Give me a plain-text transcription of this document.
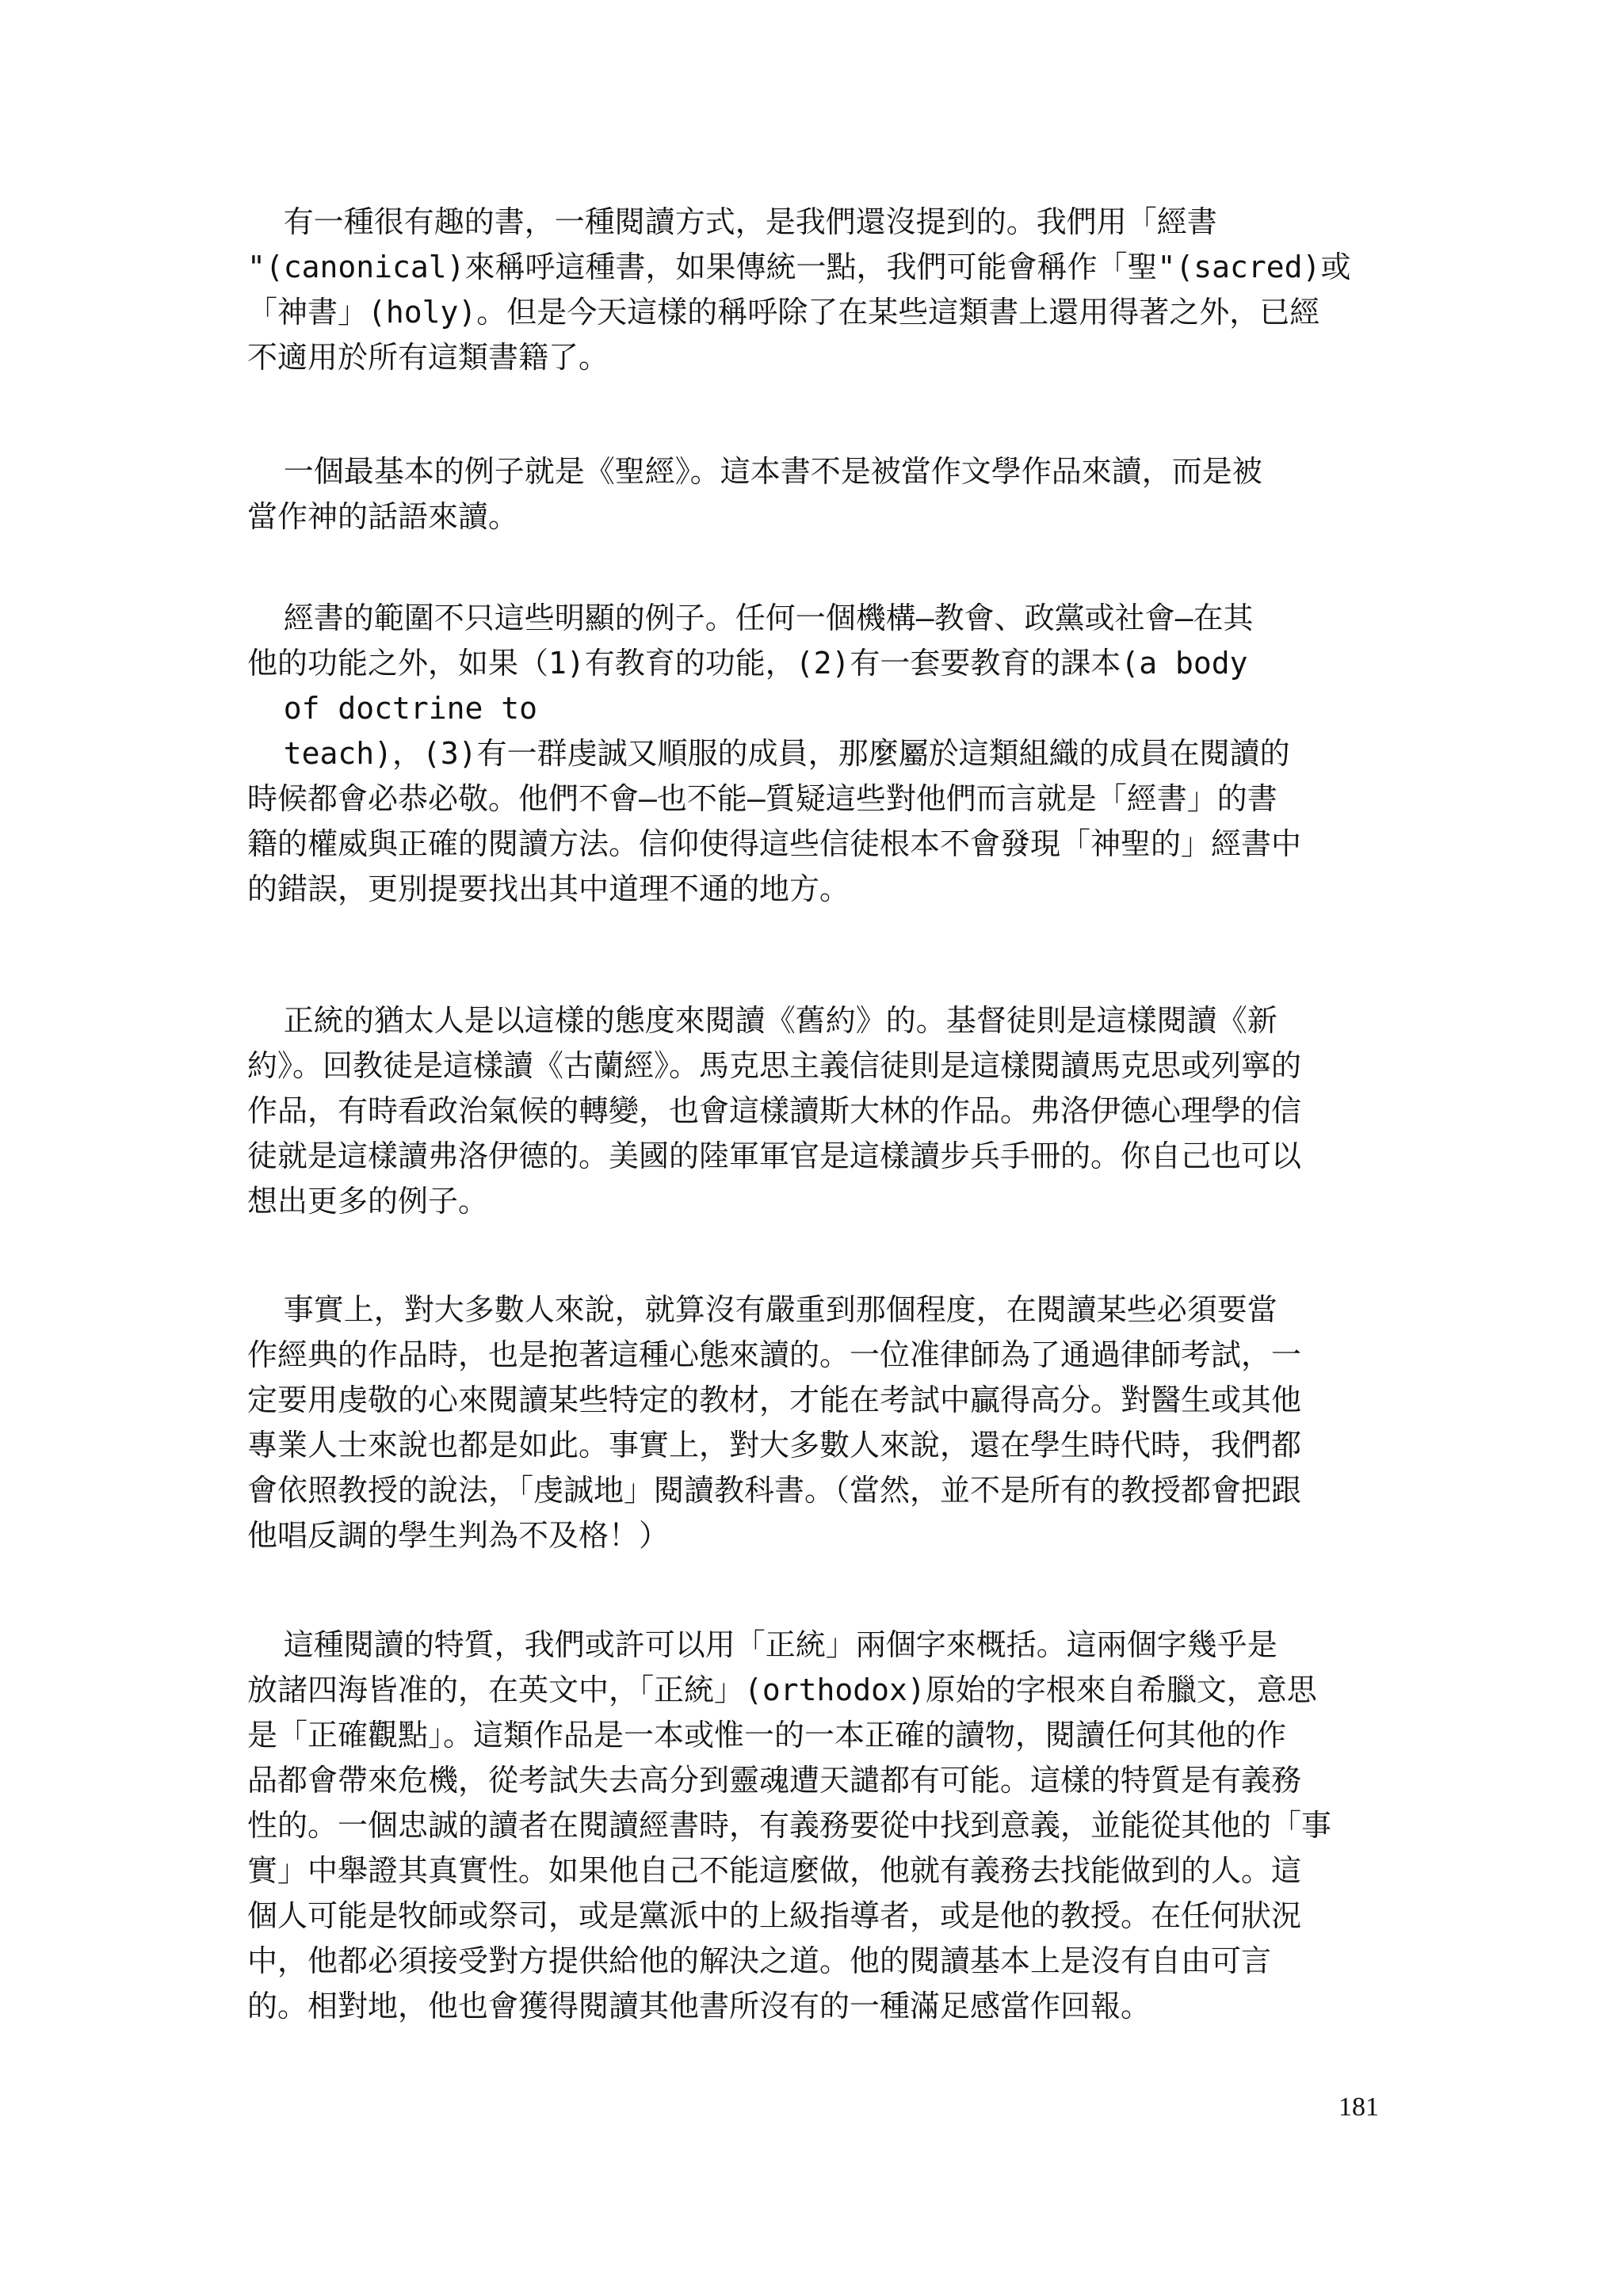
有一種很有趣的書，一種閱讀方式，是我們還沒提到的。我們用「經書
"(canonical)來稱呼這種書，如果傳統一點，我們可能會稱作「聖"(sacred)或
「神書」(holy)。但是今天這樣的稱呼除了在某些這類書上還用得著之外，已經
不適用於所有這類書籍了。
一個最基本的例子就是《聖經》。這本書不是被當作文學作品來讀，而是被
當作神的話語來讀。
經書的範圍不只這些明顯的例子。任何一個機構—教會、政黨或社會—在其
他的功能之外，如果（1)有教育的功能，(2)有一套要教育的課本(a body
of doctrine to
teach)，(3)有一群虔誠又順服的成員，那麼屬於這類組織的成員在閱讀的
時候都會必恭必敬。他們不會—也不能—質疑這些對他們而言就是「經書」的書
籍的權威與正確的閱讀方法。信仰使得這些信徒根本不會發現「神聖的」經書中
的錯誤，更別提要找出其中道理不通的地方。
正統的猶太人是以這樣的態度來閱讀《舊約》的。基督徒則是這樣閱讀《新
約》。回教徒是這樣讀《古蘭經》。馬克思主義信徒則是這樣閱讀馬克思或列寧的
作品，有時看政治氣候的轉變，也會這樣讀斯大林的作品。弗洛伊德心理學的信
徒就是這樣讀弗洛伊德的。美國的陸軍軍官是這樣讀步兵手冊的。你自己也可以
想出更多的例子。
事實上，對大多數人來說，就算沒有嚴重到那個程度，在閱讀某些必須要當
作經典的作品時，也是抱著這種心態來讀的。一位准律師為了通過律師考試，一
定要用虔敬的心來閱讀某些特定的教材，才能在考試中贏得高分。對醫生或其他
專業人士來說也都是如此。事實上，對大多數人來說，還在學生時代時，我們都
會依照教授的說法，「虔誠地」閱讀教科書。（當然，並不是所有的教授都會把跟
他唱反調的學生判為不及格！）
這種閱讀的特質，我們或許可以用「正統」兩個字來概括。這兩個字幾乎是
放諸四海皆准的，在英文中，「正統」(orthodox)原始的字根來自希臘文，意思
是「正確觀點」。這類作品是一本或惟一的一本正確的讀物，閱讀任何其他的作
品都會帶來危機，從考試失去高分到靈魂遭天譴都有可能。這樣的特質是有義務
性的。一個忠誠的讀者在閱讀經書時，有義務要從中找到意義，並能從其他的「事
實」中舉證其真實性。如果他自己不能這麼做，他就有義務去找能做到的人。這
個人可能是牧師或祭司，或是黨派中的上級指導者，或是他的教授。在任何狀況
中，他都必須接受對方提供給他的解決之道。他的閱讀基本上是沒有自由可言
的。相對地，他也會獲得閱讀其他書所沒有的一種滿足感當作回報。
181
